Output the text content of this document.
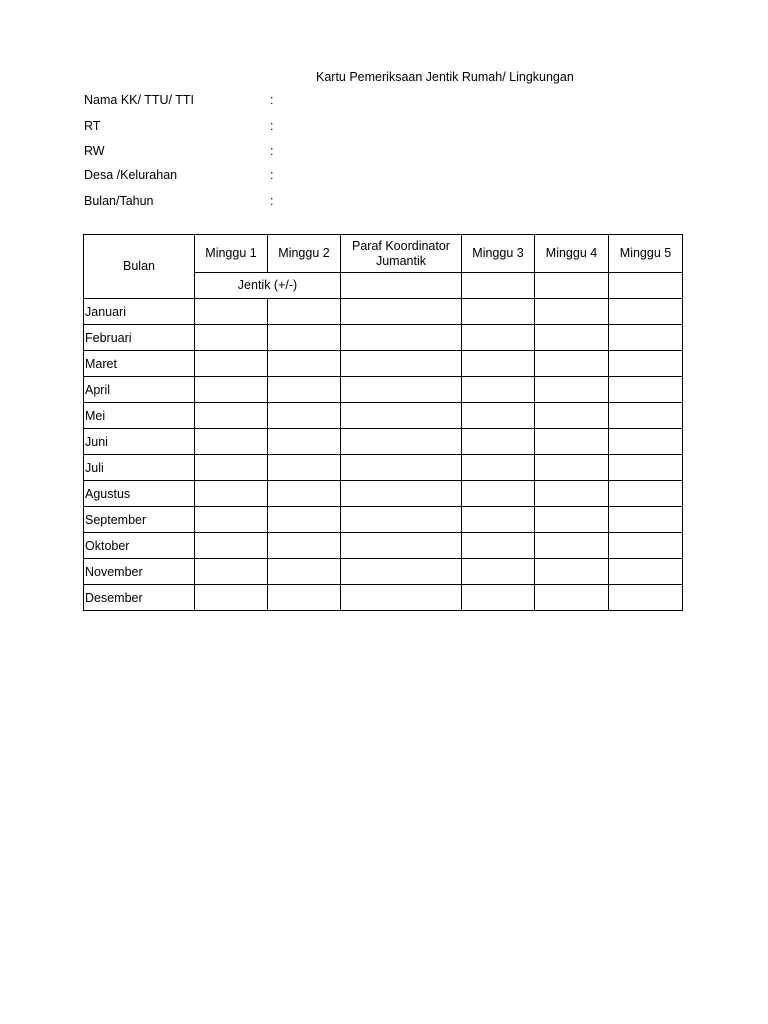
Kartu Pemeriksaan Jentik Rumah/ Lingkungan
Nama KK/ TTU/ TTI	:
RT	:
RW	:
Desa /Kelurahan	:
Bulan/Tahun	:
Bulan	Minggu 1	Minggu 2	Paraf Koordinator Jumantik	Minggu 3	Minggu 4	Minggu 5
	Jentik (+/-)					
Januari						
Februari						
Maret						
April						
Mei						
Juni						
Juli						
Agustus						
September						
Oktober						
November						
Desember						
